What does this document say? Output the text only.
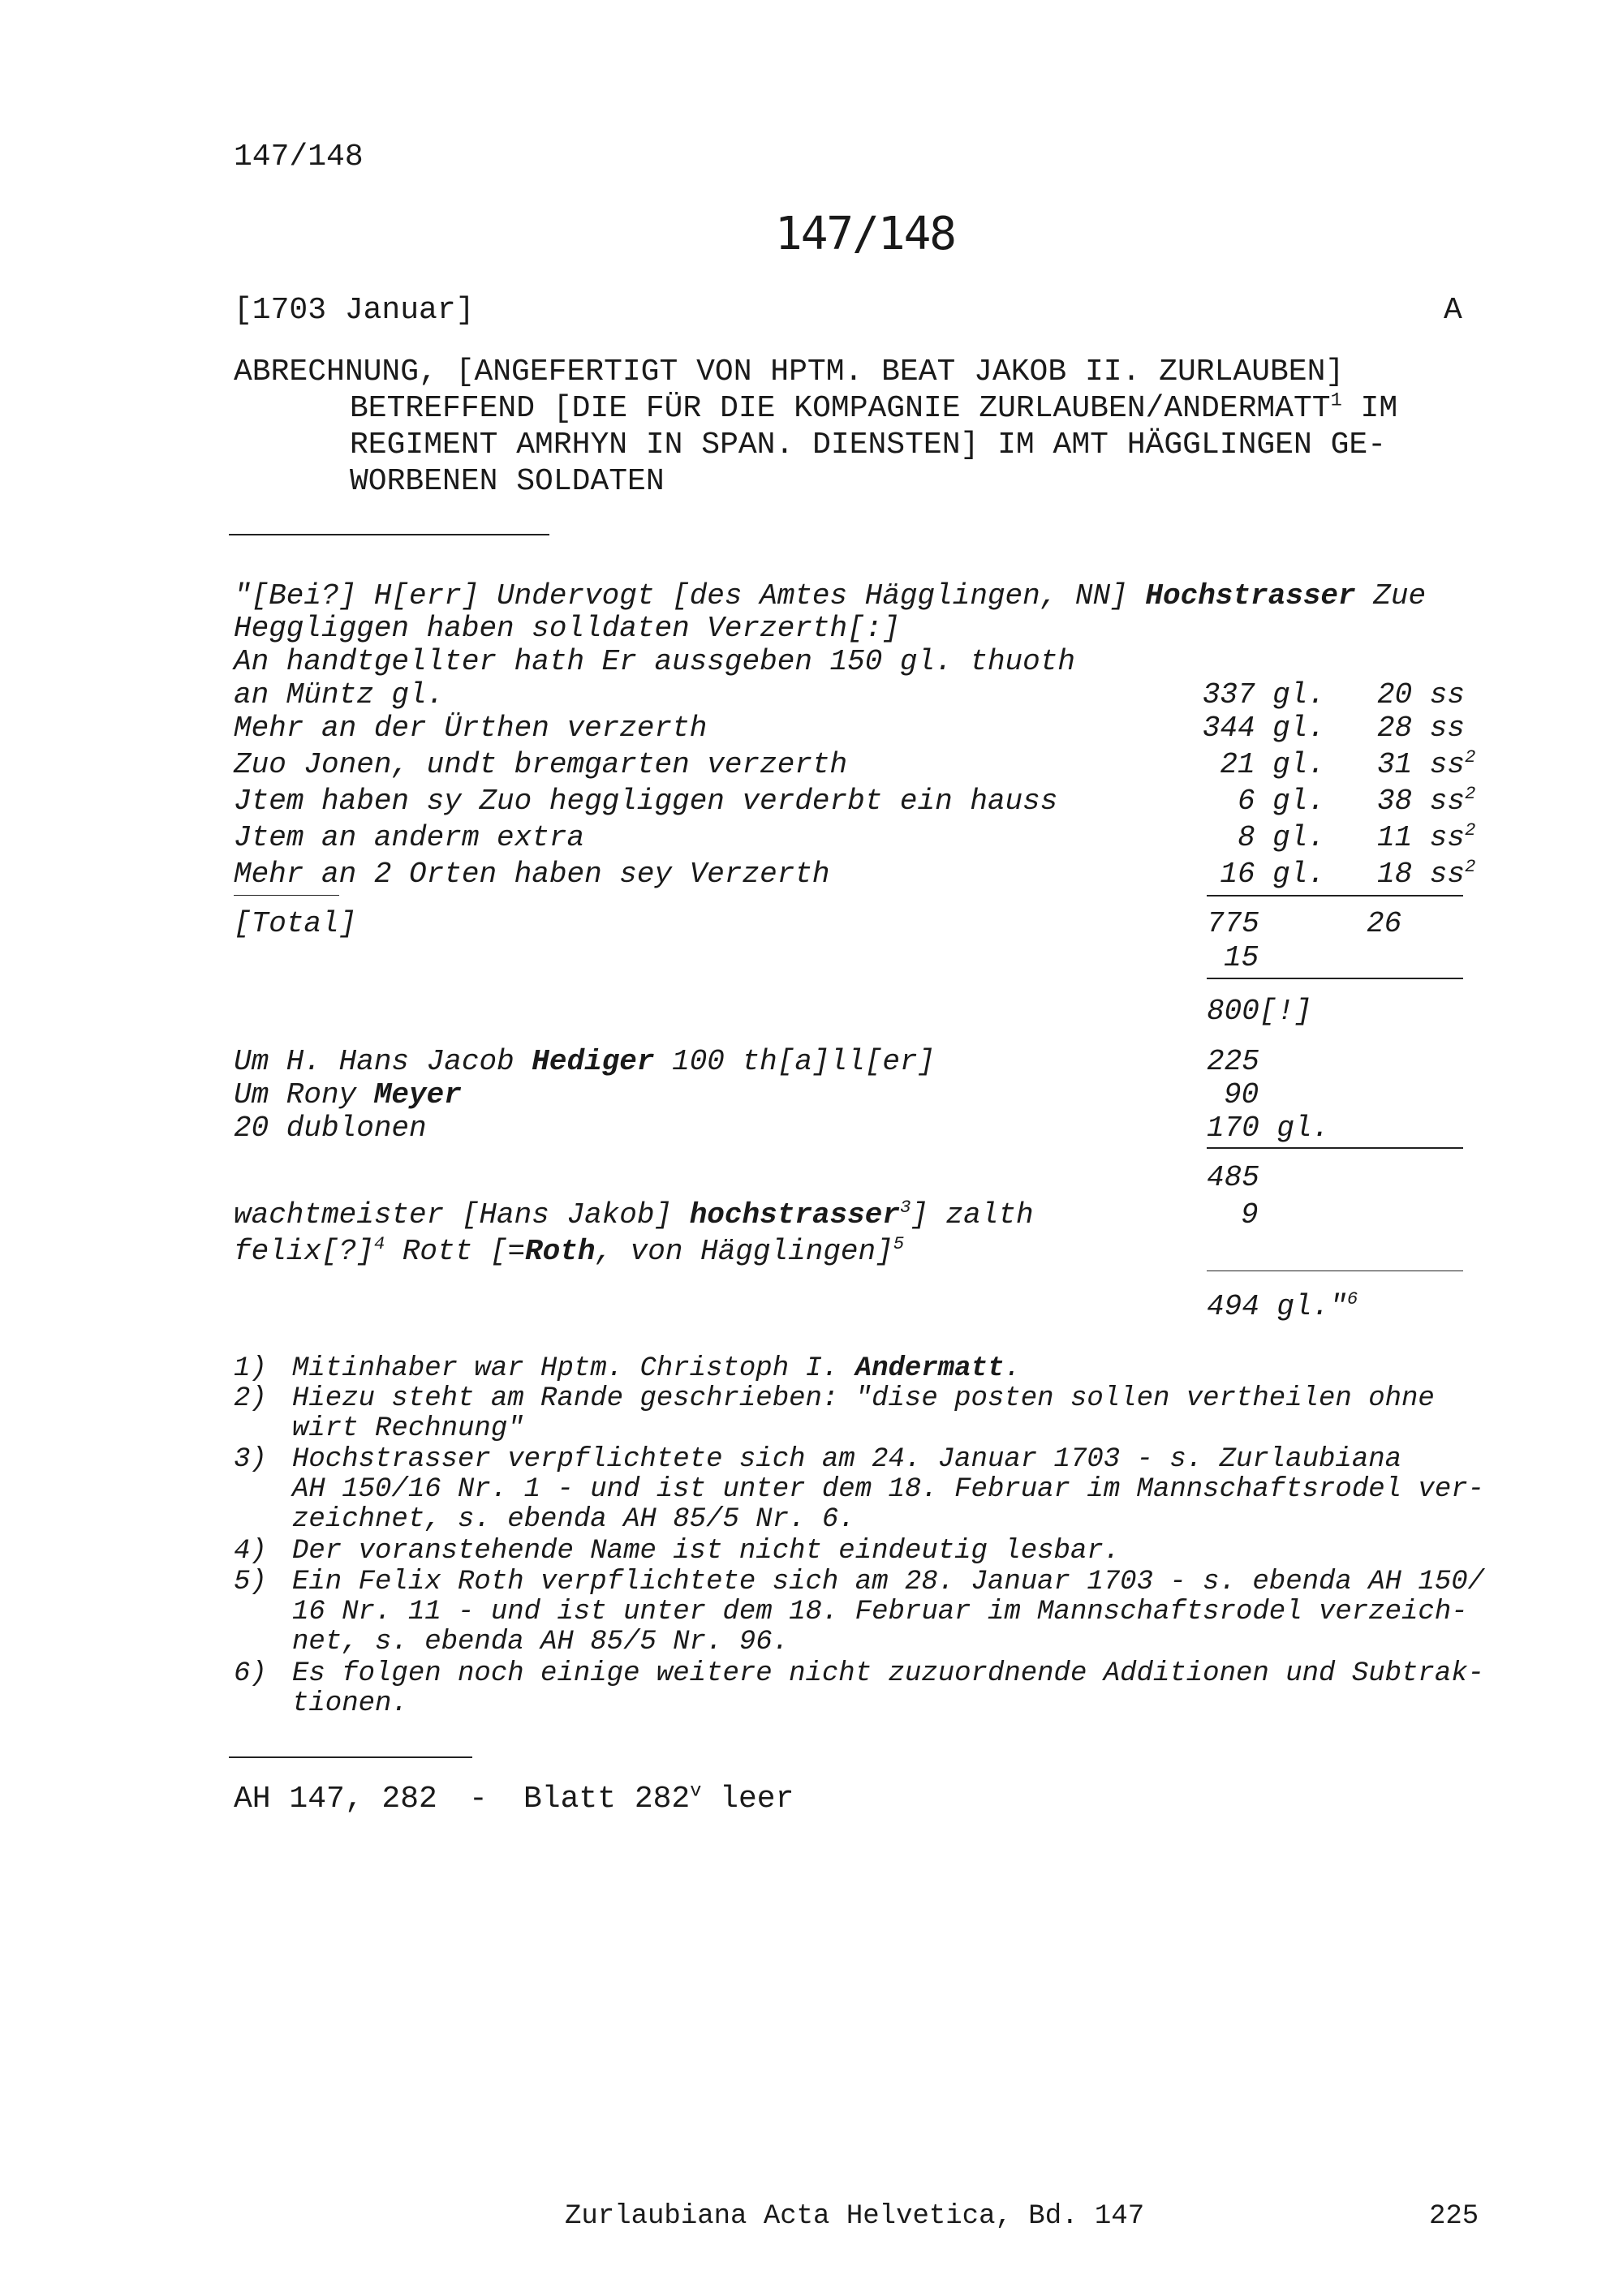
147/148
147/148
[1703 Januar]	A
ABRECHNUNG, [ANGEFERTIGT VON HPTM. BEAT JAKOB II. ZURLAUBEN]
BETREFFEND [DIE FÜR DIE KOMPAGNIE ZURLAUBEN/ANDERMATT$^1$ IM
REGIMENT AMRHYN IN SPAN. DIENSTEN] IM AMT HÄGGLINGEN GE-
WORBENEN SOLDATEN
"[Bei?] H[err] Undervogt [des Amtes Hägglingen, NN] Hochstrasser Zue
Heggliggen haben solldaten Verzerth[:]
An handtgellter hath Er aussgeben 150 gl. thuoth
an Müntz gl.	337 gl. 20 ss
Mehr an der Ürthen verzerth	344 gl. 28 ss
Zuo Jonen, undt bremgarten verzerth	21 gl. 31 $ss^2$
Jtem haben sy Zuo heggliggen verderbt ein hauss	6 gl. 38 $ss^2$
Jtem an anderm extra	8 gl. 11 $ss^2$
Mehr an 2 Orten haben sey Verzerth	16 gl. 18 $ss^2$
[Total]	775	26
15
800[!]
Um H. Hans Jacob Hediger 100 th[a]ll[er]	225
Um Rony Meyer	90
20 dublonen	170 gl.
485
wachtmeister [Hans Jakob] hochstrasser$^3$] zalth	9
felix[?]$^4$ Rott [=Roth, von Hägglingen]$^5$
494 gl."$^6$
1) Mitinhaber war Hptm. Christoph I. Andermatt.
2) Hiezu steht am Rande geschrieben: "dise posten sollen vertheilen ohne
wirt Rechnung"
3) Hochstrasser verpflichtete sich am 24. Januar 1703 - s. Zurlaubiana
AH 150/16 Nr. 1 - und ist unter dem 18. Februar im Mannschaftsrodel ver-
zeichnet, s. ebenda AH 85/5 Nr. 6.
4) Der voranstehende Name ist nicht eindeutig lesbar.
5) Ein Felix Roth verpflichtete sich am 28. Januar 1703 - s. ebenda AH 150/
16 Nr. 11 - und ist unter dem 18. Februar im Mannschaftsrodel verzeich-
net, s. ebenda AH 85/5 Nr. 96.
6) Es folgen noch einige weitere nicht zuzuordnende Additionen und Subtrak-
tionen.
AH 147, 282 - Blatt 282$^v$ leer
Zurlaubiana Acta Helvetica, Bd. 147	225
